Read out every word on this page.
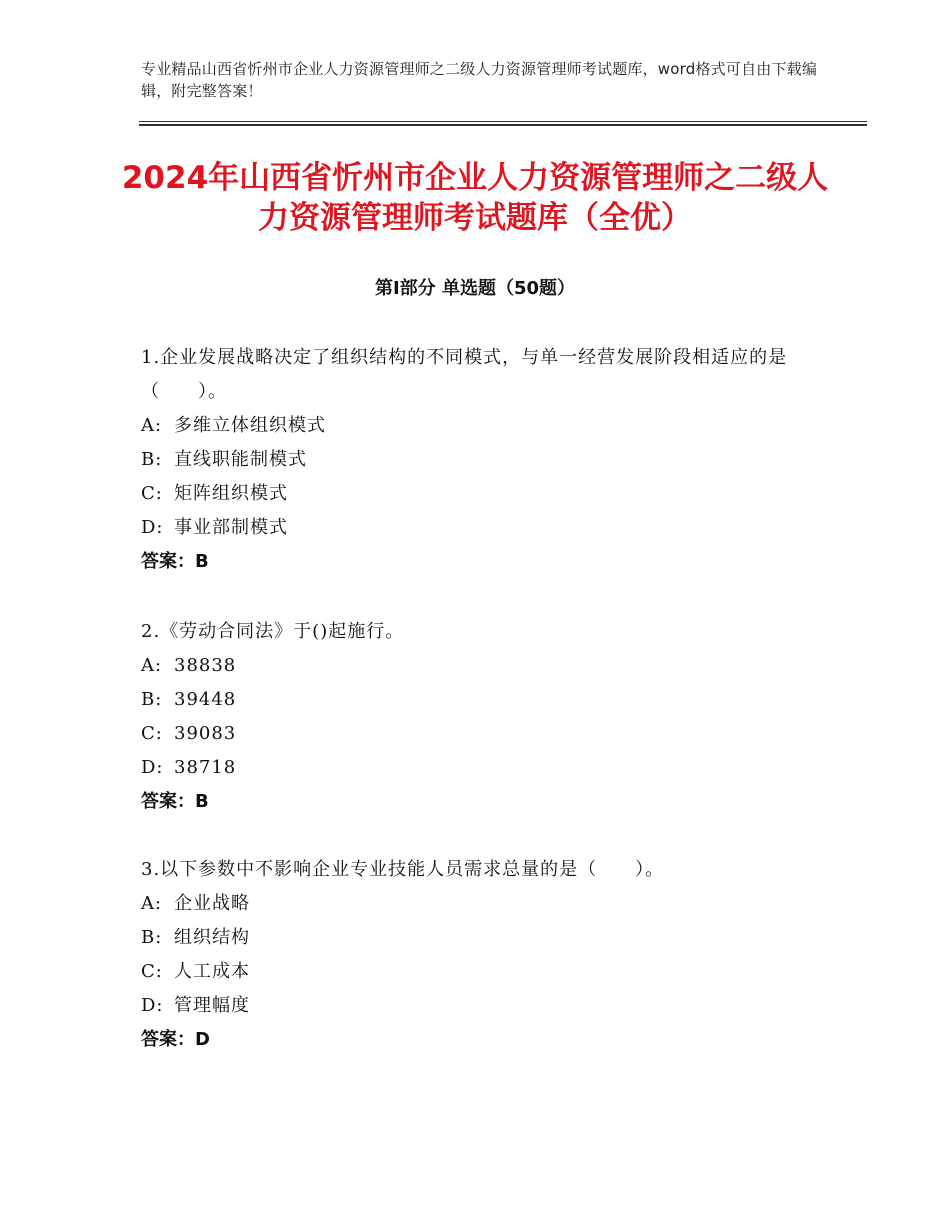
专业精品山西省忻州市企业人力资源管理师之二级人力资源管理师考试题库，word格式可自由下载编辑，附完整答案！
2024年山西省忻州市企业人力资源管理师之二级人力资源管理师考试题库（全优）
第Ⅰ部分 单选题（50题）
1.企业发展战略决定了组织结构的不同模式，与单一经营发展阶段相适应的是（　　）。
A: 多维立体组织模式
B: 直线职能制模式
C: 矩阵组织模式
D: 事业部制模式
答案：B
2.《劳动合同法》于()起施行。
A: 38838
B: 39448
C: 39083
D: 38718
答案：B
3.以下参数中不影响企业专业技能人员需求总量的是（　　）。
A: 企业战略
B: 组织结构
C: 人工成本
D: 管理幅度
答案：D
